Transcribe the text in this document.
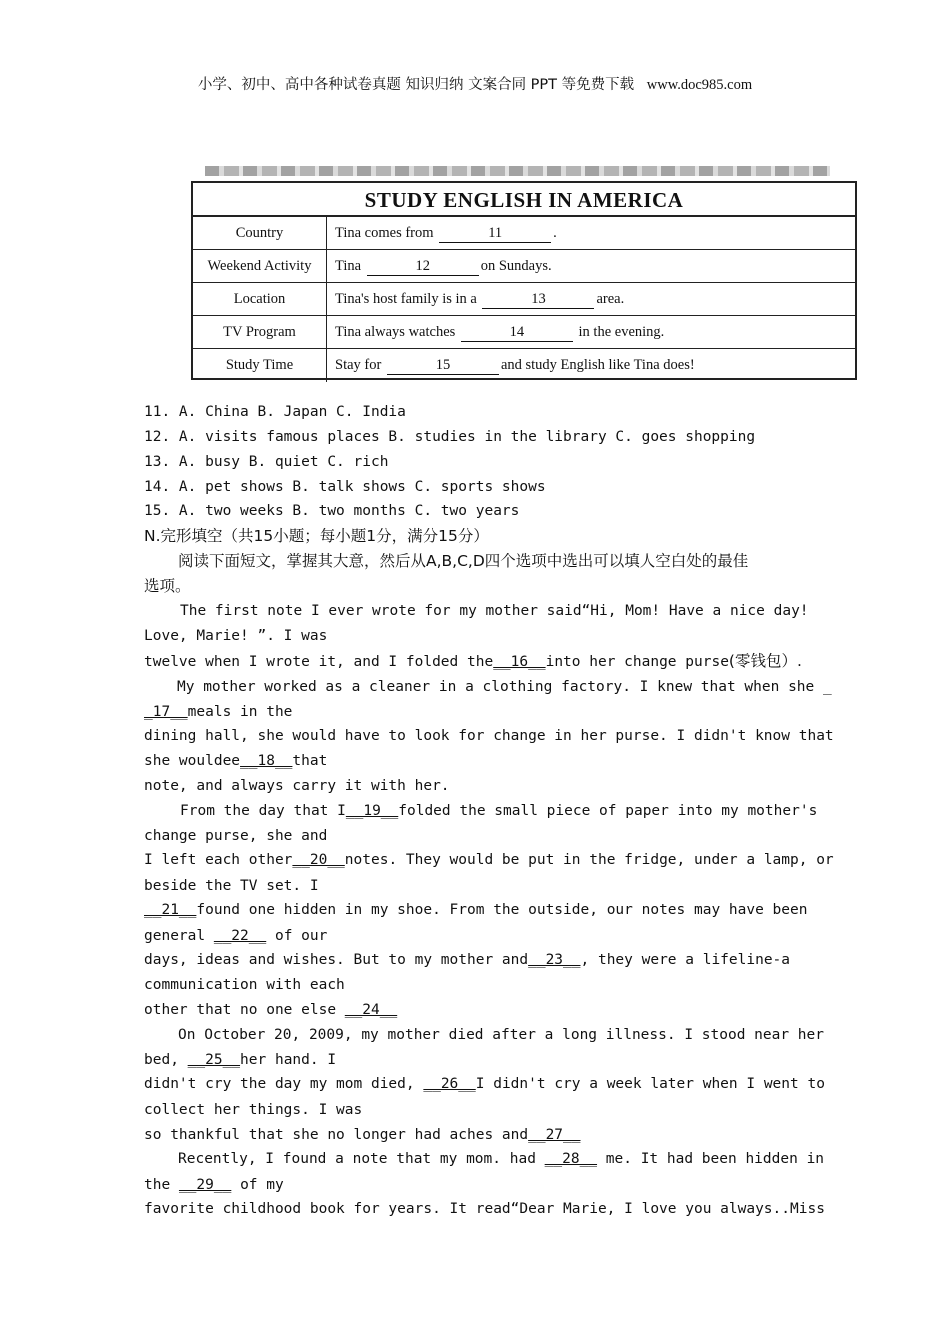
小学、初中、高中各种试卷真题 知识归纳 文案合同 PPT 等免费下载 www.doc985.com
STUDY ENGLISH IN AMERICA
Country	Tina comes from	11	.
Weekend Activity	Tina	12	on Sundays.
Location	Tina's host family is in a	13	area.
TV Program	Tina always watches	14	in the evening.
Study Time	Stay for	15	and study English like Tina does!
11. A. China B. Japan C. India
12. A. visits famous places B. studies in the library C. goes shopping
13. A. busy B. quiet C. rich
14. A. pet shows B. talk shows C. sports shows
15. A. two weeks B. two months C. two years
N.完形填空（共15小题；每小题1分，满分15分）
阅读下面短文，掌握其大意，然后从A,B,C,D四个选项中选出可以填人空白处的最佳
选项。
The first note I ever wrote for my mother said“Hi, Mom! Have a nice day!
Love, Marie! ”. I was
twelve when I wrote it, and I folded the__16__into her change purse(零钱包）.
My mother worked as a cleaner in a clothing factory. I knew that when she _
_17__meals in the
dining hall, she would have to look for change in her purse. I didn't know that
she wouldee__18__that
note, and always carry it with her.
From the day that I__19__folded the small piece of paper into my mother's
change purse, she and
I left each other__20__notes. They would be put in the fridge, under a lamp, or
beside the TV set. I
__21__found one hidden in my shoe. From the outside, our notes may have been
general __22__ of our
days, ideas and wishes. But to my mother and__23__, they were a lifeline-a
communication with each
other that no one else __24__
On October 20, 2009, my mother died after a long illness. I stood near her
bed, __25__her hand. I
didn't cry the day my mom died, __26__I didn't cry a week later when I went to
collect her things. I was
so thankful that she no longer had aches and__27__
Recently, I found a note that my mom. had __28__ me. It had been hidden in
the __29__ of my
favorite childhood book for years. It read“Dear Marie, I love you always..Miss
